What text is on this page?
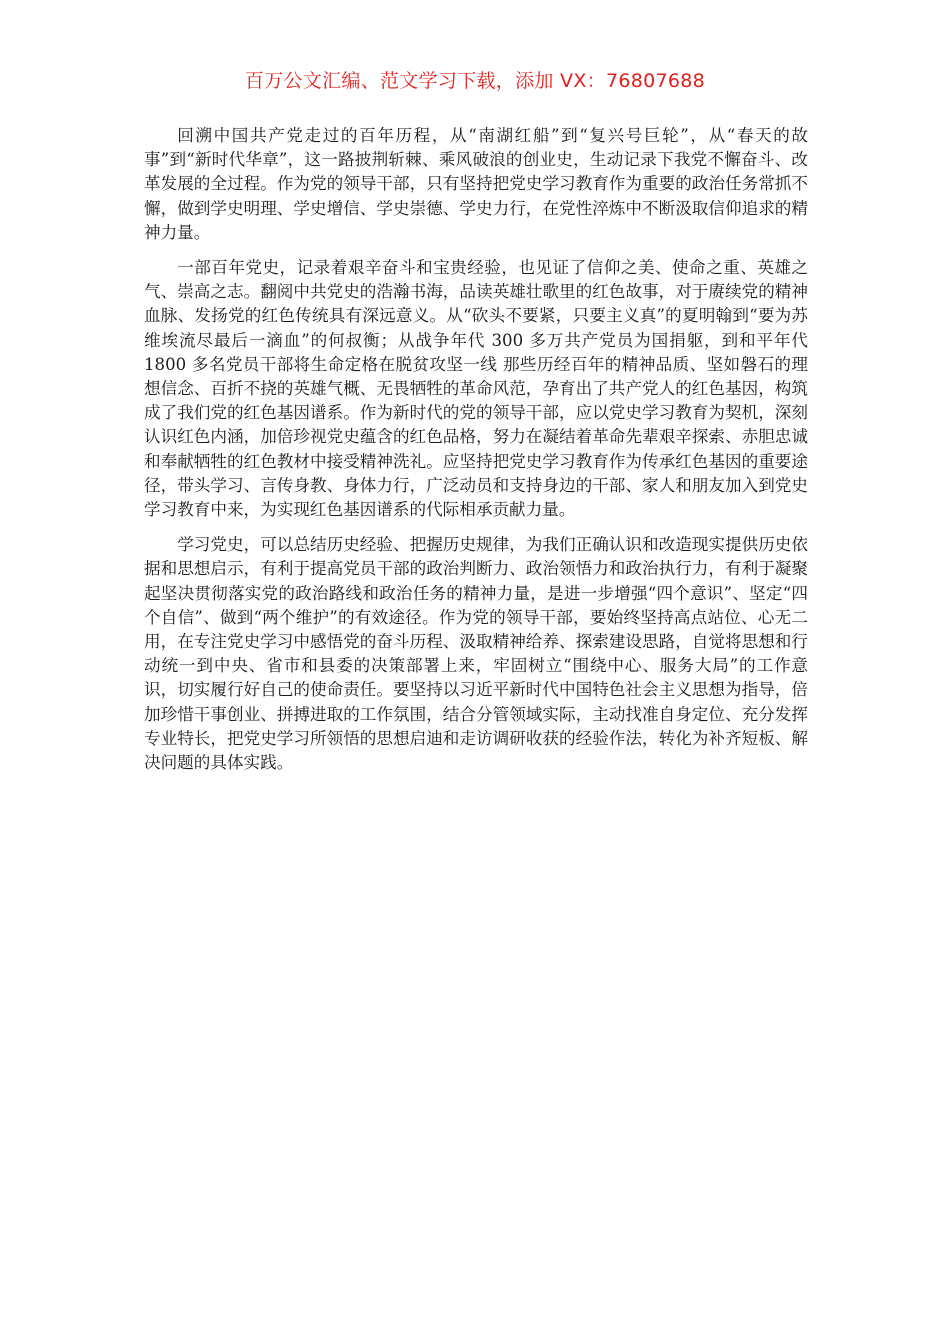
百万公文汇编、范文学习下载，添加 VX：76807688

回溯中国共产党走过的百年历程，从“南湖红船”到“复兴号巨轮”，从“春天的故事”到“新时代华章”，这一路披荆斩棘、乘风破浪的创业史，生动记录下我党不懈奋斗、改革发展的全过程。作为党的领导干部，只有坚持把党史学习教育作为重要的政治任务常抓不懈，做到学史明理、学史增信、学史崇德、学史力行，在党性淬炼中不断汲取信仰追求的精神力量。

一部百年党史，记录着艰辛奋斗和宝贵经验，也见证了信仰之美、使命之重、英雄之气、崇高之志。翻阅中共党史的浩瀚书海，品读英雄壮歌里的红色故事，对于赓续党的精神血脉、发扬党的红色传统具有深远意义。从“砍头不要紧，只要主义真”的夏明翰到“要为苏维埃流尽最后一滴血”的何叔衡；从战争年代 300 多万共产党员为国捐躯，到和平年代 1800 多名党员干部将生命定格在脱贫攻坚一线 那些历经百年的精神品质、坚如磐石的理想信念、百折不挠的英雄气概、无畏牺牲的革命风范，孕育出了共产党人的红色基因，构筑成了我们党的红色基因谱系。作为新时代的党的领导干部，应以党史学习教育为契机，深刻认识红色内涵，加倍珍视党史蕴含的红色品格，努力在凝结着革命先辈艰辛探索、赤胆忠诚和奉献牺牲的红色教材中接受精神洗礼。应坚持把党史学习教育作为传承红色基因的重要途径，带头学习、言传身教、身体力行，广泛动员和支持身边的干部、家人和朋友加入到党史学习教育中来，为实现红色基因谱系的代际相承贡献力量。

学习党史，可以总结历史经验、把握历史规律，为我们正确认识和改造现实提供历史依据和思想启示，有利于提高党员干部的政治判断力、政治领悟力和政治执行力，有利于凝聚起坚决贯彻落实党的政治路线和政治任务的精神力量，是进一步增强“四个意识”、坚定“四个自信”、做到“两个维护”的有效途径。作为党的领导干部，要始终坚持高点站位、心无二用，在专注党史学习中感悟党的奋斗历程、汲取精神给养、探索建设思路，自觉将思想和行动统一到中央、省市和县委的决策部署上来，牢固树立“围绕中心、服务大局”的工作意识，切实履行好自己的使命责任。要坚持以习近平新时代中国特色社会主义思想为指导，倍加珍惜干事创业、拼搏进取的工作氛围，结合分管领域实际，主动找准自身定位、充分发挥专业特长，把党史学习所领悟的思想启迪和走访调研收获的经验作法，转化为补齐短板、解决问题的具体实践。
